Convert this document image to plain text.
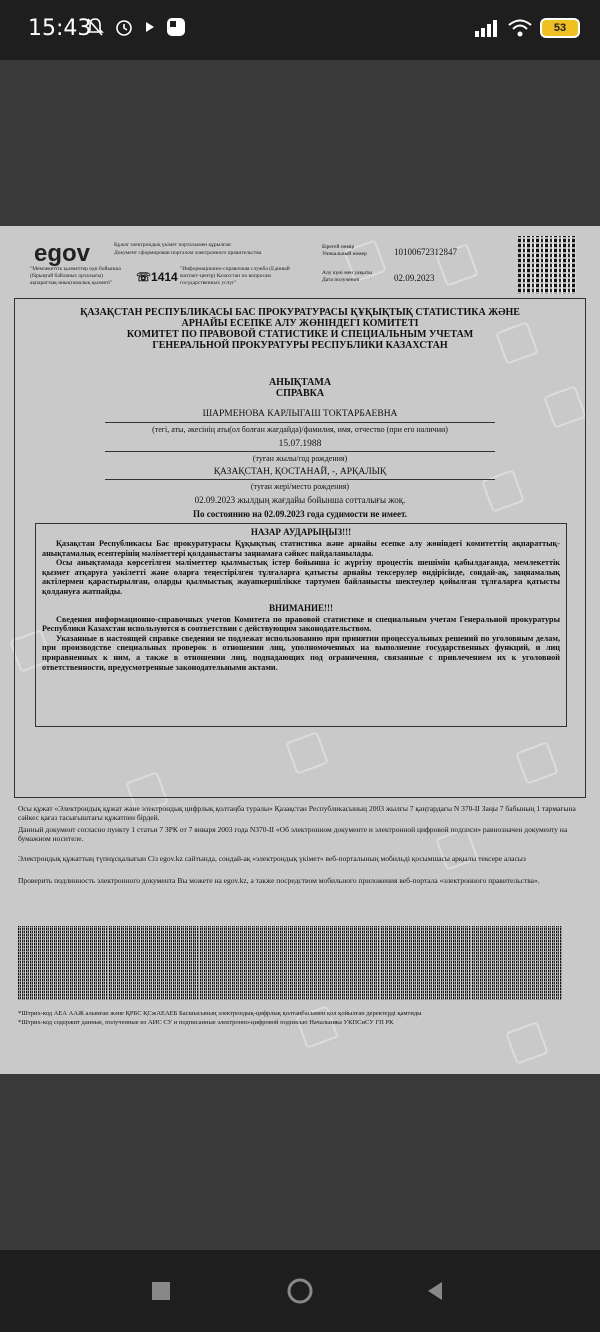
15:43	53
egov	Құжат электрондық үкімет порталымен құрылған
Документ сформирован порталом электронного правительства
"Мемлекеттік қызметтер одн бойынша (бірыңғай байланыс орталығы) ақпараттық-анықтамалық қызметі"	☏1414
"Информационно-справочная служба (Единый контакт-центр) Казахстан по вопросам государственных услуг"
Бірегей нөмір
Уникальный номер	10100672312847
Алу күні мен уақыты
Дата получения	02.09.2023
ҚАЗАҚСТАН РЕСПУБЛИКАСЫ БАС ПРОКУРАТУРАСЫ ҚҰҚЫҚТЫҚ СТАТИСТИКА ЖӘНЕ
АРНАЙЫ ЕСЕПКЕ АЛУ ЖӨНІНДЕГІ КОМИТЕТІ
КОМИТЕТ ПО ПРАВОВОЙ СТАТИСТИКЕ И СПЕЦИАЛЬНЫМ УЧЕТАМ
ГЕНЕРАЛЬНОЙ ПРОКУРАТУРЫ РЕСПУБЛИКИ КАЗАХСТАН
АНЫҚТАМА
СПРАВКА
ШАРМЕНОВА КАРЛЫГАШ ТОКТАРБАЕВНА
(тегі, аты, әкесінің аты(ол болған жағдайда)/фамилия, имя, отчество (при его наличии)
15.07.1988
(туған жылы/год рождения)
ҚАЗАҚСТАН, ҚОСТАНАЙ, -, АРҚАЛЫҚ
(туған жері/место рождения)
02.09.2023 жылдың жағдайы бойынша сотталығы жоқ.
По состоянию на 02.09.2023 года судимости не имеет.
НАЗАР АУДАРЫҢЫЗ!!!

Қазақстан Республикасы Бас прокуратурасы Құқықтық статистика және арнайы есепке алу жөніндегі комитеттің ақпараттық-анықтамалық есептерінің мәліметтері қолданыстағы заңнамаға сәйкес пайдаланылады.

Осы анықтамада көрсетілген мәліметтер қылмыстық істер бойынша іс жүргізу процестік шешімін қабылдағанда, мемлекеттік қызмет атқаруға уәкілетті және оларға теңестірілген тұлғаларға қатысты арнайы тексерулер өндірісінде, сондай-ақ, заңнамалық актілермен қарастырылған, оларды қылмыстық жауапкершілікке тартумен байланысты шектеулер қойылған тұлғаларға қатысты қолдануға жатпайды.

ВНИМАНИЕ!!!

Сведения информационно-справочных учетов Комитета по правовой статистике и специальным учетам Генеральной прокуратуры Республики Казахстан используются в соответствии с действующим законодательством.

Указанные в настоящей справке сведения не подлежат использованию при принятии процессуальных решений по уголовным делам, при производстве специальных проверок в отношении лиц, уполномоченных на выполнение государственных функций, и лиц приравненных к ним, а также в отношении лиц, подпадающих под ограничения, связанные с привлечением их к уголовной ответственности, предусмотренные законодательными актами.

Осы құжат «Электрондық құжат және электрондық цифрлық қолтаңба туралы» Қазақстан Республикасының 2003 жылғы 7 қаңтардағы N 370-II Заңы 7 бабының 1 тармағына сәйкес қағаз тасығыштағы құжатпен бірдей.
Данный документ согласно пункту 1 статьи 7 ЗРК от 7 января 2003 года N370-II «Об электронном документе и электронной цифровой подписи» равнозначен документу на бумажном носителе.
Электрондық құжаттың түпнұсқалығын Сіз egov.kz сайтында, сондай-ақ «электрондық үкімет» веб-порталының мобильді қосымшасы арқылы тексере аласыз
Проверить подлинность электронного документа Вы можете на egov.kz, а также посредством мобильного приложения веб-портала «электронного правительства».
*Штрих-код АЕА ААЖ алынған және ҚРБС ҚСжАЕАЕБ Басшысының электрондық-цифрлық қолтаңбасымен қол қойылған деректерді қамтиды
*Штрих-код содержит данные, полученные из АИС СУ и подписанные электронно-цифровой подписью Начальника УКПСиСУ ГП РК
